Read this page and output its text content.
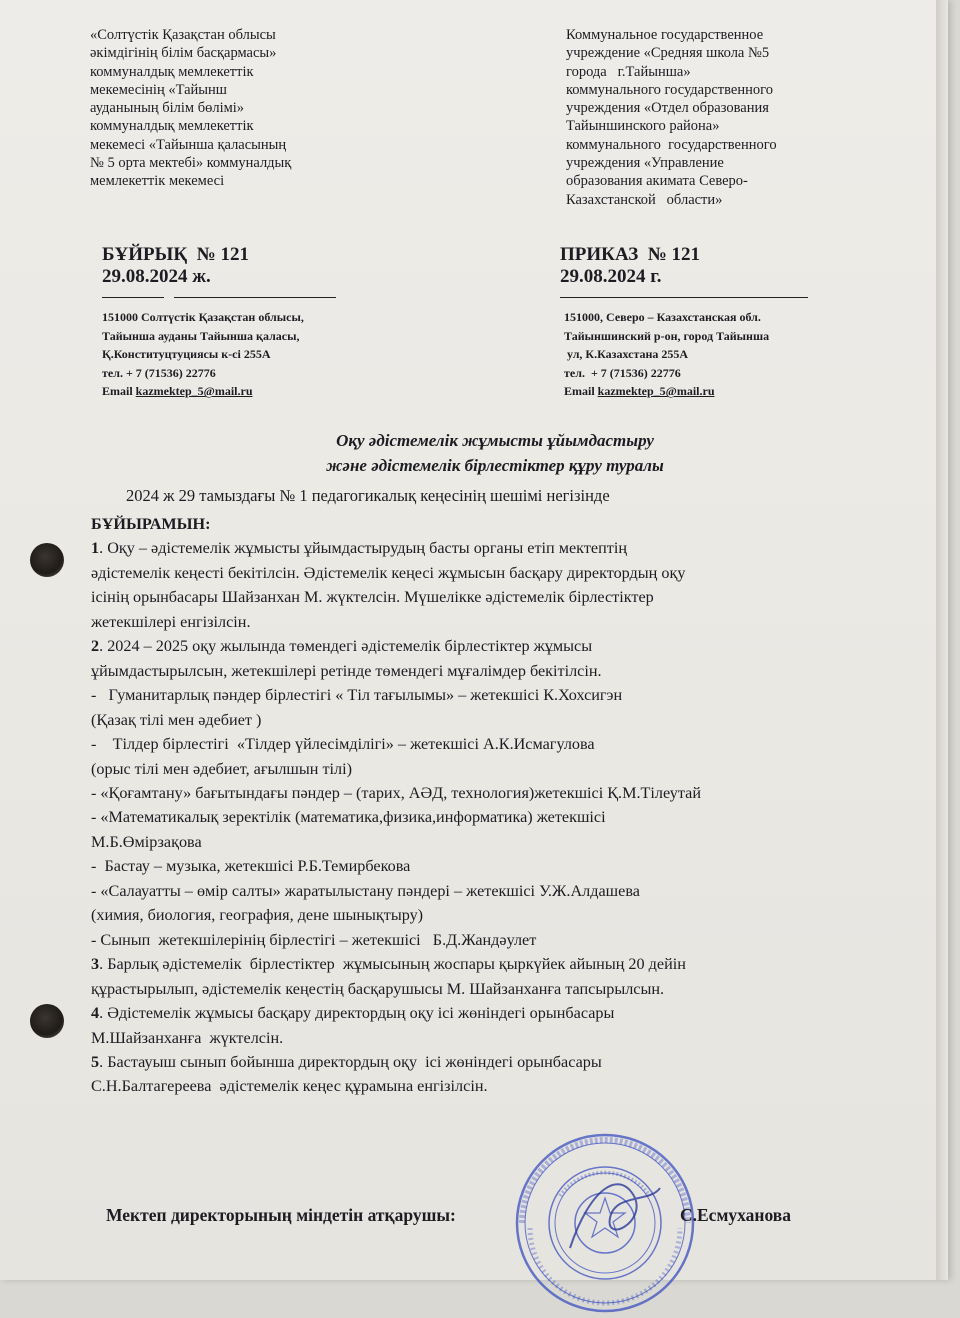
«Солтүстік Қазақстан облысы
әкімдігінің білім басқармасы»
коммуналдық мемлекеттік
мекемесінің «Тайынш
ауданының білім бөлімі»
коммуналдық мемлекеттік
мекемесі «Тайынша қаласының
№ 5 орта мектебі» коммуналдық
мемлекеттік мекемесі
Коммунальное государственное
учреждение «Средняя школа №5
города   г.Тайынша»
коммунального государственного
учреждения «Отдел образования
Тайыншинского района»
коммунального  государственного
учреждения «Управление
образования акимата Северо-
Казахстанской   области»
БҰЙРЫҚ  № 121
29.08.2024 ж.
ПРИКАЗ  № 121
29.08.2024 г.
151000 Солтүстік Қазақстан облысы,
Тайынша ауданы Тайынша қаласы,
Қ.Конституцтуциясы к-сі 255А
тел. + 7 (71536) 22776
Email kazmektep_5@mail.ru
151000, Северо – Казахстанская обл.
Тайыншинский р-он, город Тайынша
ул, К.Казахстана 255А
тел.  + 7 (71536) 22776
Email kazmektep_5@mail.ru
Оқу әдістемелік жұмысты ұйымдастыру
және әдістемелік бірлестіктер құру туралы
2024 ж 29 тамыздағы № 1 педагогикалық кеңесінің шешімі негізінде
БҰЙЫРАМЫН:
1. Оқу – әдістемелік жұмысты ұйымдастырудың басты органы етіп мектептің
әдістемелік кеңесті бекітілсін. Әдістемелік кеңесі жұмысын басқару директордың оқу
ісінің орынбасары Шайзанхан М. жүктелсін. Мүшелікке әдістемелік бірлестіктер
жетекшілері енгізілсін.
2. 2024 – 2025 оқу жылында төмендегі әдістемелік бірлестіктер жұмысы
ұйымдастырылсын, жетекшілері ретінде төмендегі мұғалімдер бекітілсін.
-   Гуманитарлық пәндер бірлестігі « Тіл тағылымы» – жетекшісі К.Хохсигэн
(Қазақ тілі мен әдебиет )
-    Тілдер бірлестігі  «Тілдер үйлесімділігі» – жетекшісі А.К.Исмагулова
(орыс тілі мен әдебиет, ағылшын тілі)
- «Қоғамтану» бағытындағы пәндер – (тарих, АӘД, технология)жетекшісі Қ.М.Тілеутай
- «Математикалық зеректілік (математика,физика,информатика) жетекшісі
М.Б.Өмірзақова
-  Бастау – музыка, жетекшісі Р.Б.Темирбекова
- «Салауатты – өмір салты» жаратылыстану пәндері – жетекшісі У.Ж.Алдашева
(химия, биология, география, дене шынықтыру)
- Сынып  жетекшілерінің бірлестігі – жетекшісі   Б.Д.Жандәулет
3. Барлық әдістемелік  бірлестіктер  жұмысының жоспары қыркүйек айының 20 дейін
құрастырылып, әдістемелік кеңестің басқарушысы М. Шайзанханға тапсырылсын.
4. Әдістемелік жұмысы басқару директордың оқу ісі жөніндегі орынбасары
М.Шайзанханға  жүктелсін.
5. Бастауыш сынып бойынша директордың оқу  ісі жөніндегі орынбасары
С.Н.Балтагереева  әдістемелік кеңес құрамына енгізілсін.
Мектеп директорының міндетін атқарушы:	С.Есмуханова
